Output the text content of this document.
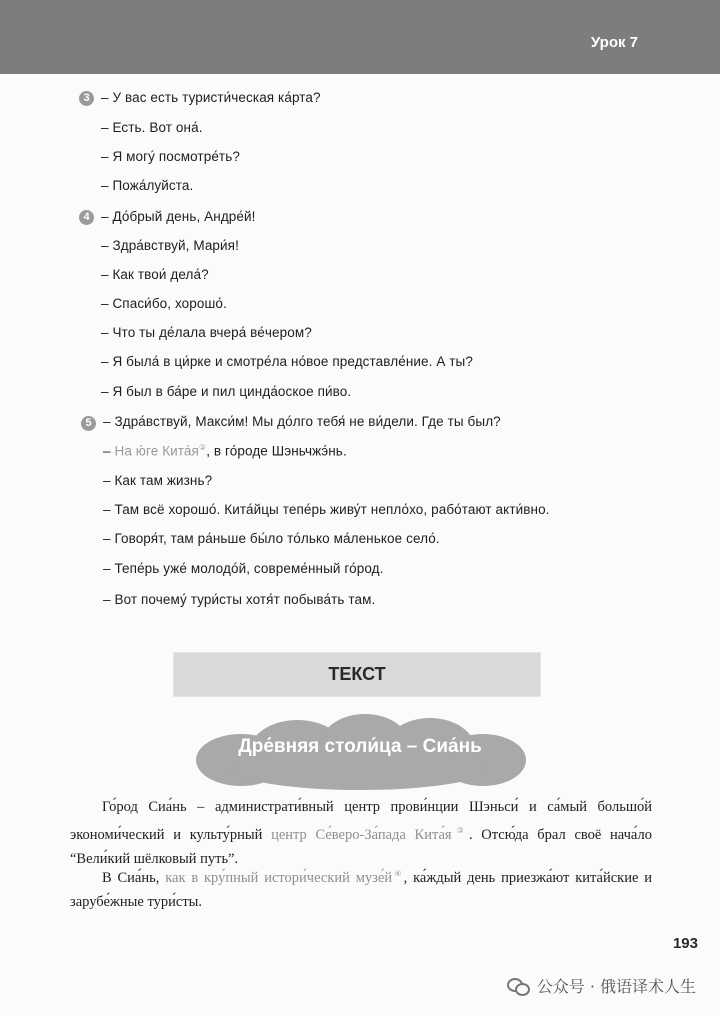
Урок 7
3 – У вас есть туристи́ческая ка́рта?
– Есть. Вот она́.
– Я могу́ посмотре́ть?
– Пожа́луйста.
4 – До́брый день, Андре́й!
– Здра́вствуй, Мари́я!
– Как твои́ дела́?
– Спаси́бо, хорошо́.
– Что ты де́лала вчера́ ве́чером?
– Я была́ в ци́рке и смотре́ла но́вое представле́ние. А ты?
– Я был в ба́ре и пил цинда́оское пи́во.
5 – Здра́вствуй, Макси́м! Мы до́лго тебя́ не ви́дели. Где ты был?
– На ю́ге Кита́я②, в го́роде Шэньчжэ́нь.
– Как там жизнь?
– Там всё хорошо́. Кита́йцы тепе́рь живу́т непло́хо, рабо́тают акти́вно.
– Говоря́т, там ра́ньше бы́ло то́лько ма́ленькое село́.
– Тепе́рь уже́ молодо́й, совреме́нный го́род.
– Вот почему́ тури́сты хотя́т побыва́ть там.
ТЕКСТ
Дре́вняя столи́ца – Сиа́нь
Го́род Сиа́нь – администрати́вный центр прови́нции Шэньси́ и са́мый большо́й экономи́ческий и культу́рный центр Се́веро-За́пада Кита́я③. Отсю́да брал своё нача́ло “Вели́кий шёлковый путь”.
В Сиа́нь, как в кру́пный истори́ческий музе́й④, ка́ждый день приезжа́ют кита́йские и зарубе́жные тури́сты.
193
公众号 · 俄语译术人生
